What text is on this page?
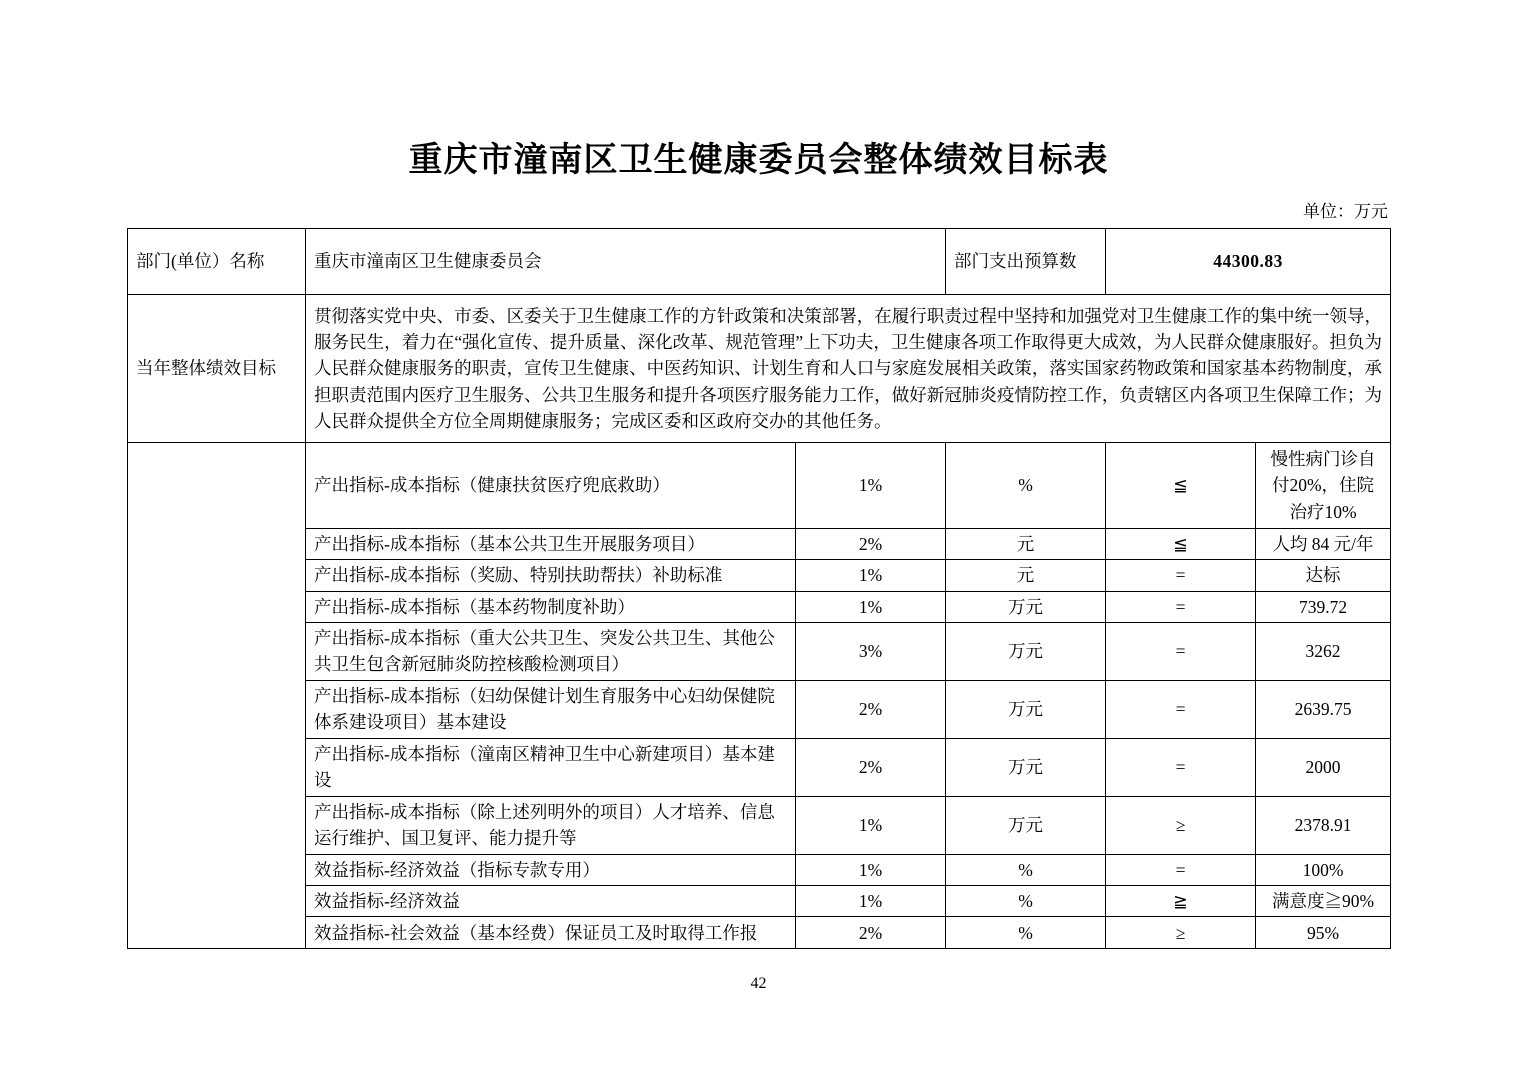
重庆市潼南区卫生健康委员会整体绩效目标表
单位：万元
部门(单位）名称	重庆市潼南区卫生健康委员会		部门支出预算数	44300.83	
当年整体绩效目标	贯彻落实党中央、市委、区委关于卫生健康工作的方针政策和决策部署，在履行职责过程中坚持和加强党对卫生健康工作的集中统一领导，服务民生，着力在“强化宣传、提升质量、深化改革、规范管理”上下功夫，卫生健康各项工作取得更大成效，为人民群众健康服好。担负为人民群众健康服务的职责，宣传卫生健康、中医药知识、计划生育和人口与家庭发展相关政策，落实国家药物政策和国家基本药物制度，承担职责范围内医疗卫生服务、公共卫生服务和提升各项医疗服务能力工作，做好新冠肺炎疫情防控工作，负责辖区内各项卫生保障工作；为人民群众提供全方位全周期健康服务；完成区委和区政府交办的其他任务。				
	产出指标-成本指标（健康扶贫医疗兜底救助）	1%	%	≦	慢性病门诊自付20%，住院治疗10%
	产出指标-成本指标（基本公共卫生开展服务项目）	2%	元	≦	人均 84 元/年
	产出指标-成本指标（奖励、特别扶助帮扶）补助标准	1%	元	=	达标
	产出指标-成本指标（基本药物制度补助）	1%	万元	=	739.72
	产出指标-成本指标（重大公共卫生、突发公共卫生、其他公共卫生包含新冠肺炎防控核酸检测项目）	3%	万元	=	3262
	产出指标-成本指标（妇幼保健计划生育服务中心妇幼保健院体系建设项目）基本建设	2%	万元	=	2639.75
	产出指标-成本指标（潼南区精神卫生中心新建项目）基本建设	2%	万元	=	2000
	产出指标-成本指标（除上述列明外的项目）人才培养、信息运行维护、国卫复评、能力提升等	1%	万元	≥	2378.91
	效益指标-经济效益（指标专款专用）	1%	%	=	100%
	效益指标-经济效益	1%	%	≧	满意度≧90%
	效益指标-社会效益（基本经费）保证员工及时取得工作报	2%	%	≥	95%
42
